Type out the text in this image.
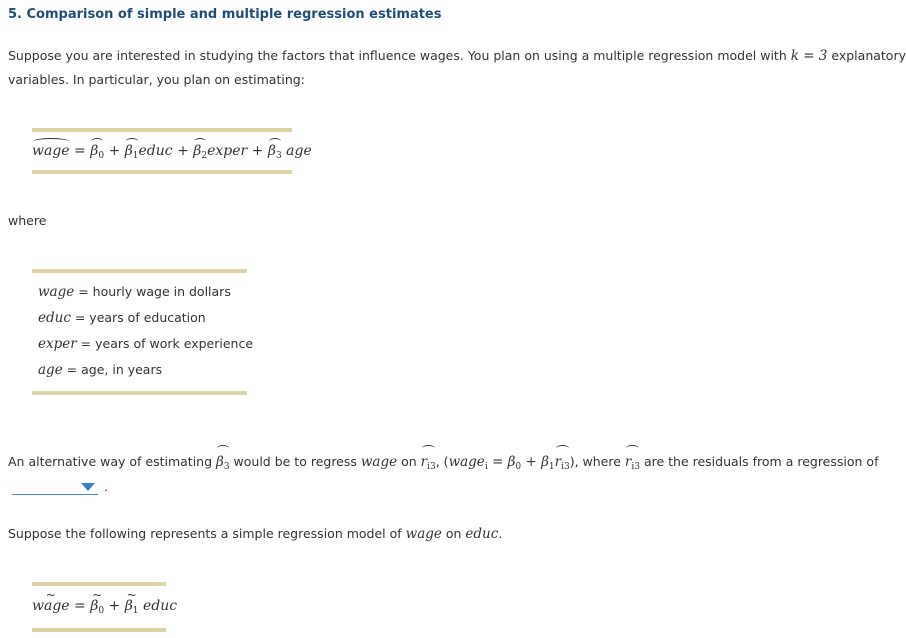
5. Comparison of simple and multiple regression estimates
Suppose you are interested in studying the factors that influence wages. You plan on using a multiple regression model with k = 3 explanatory
variables. In particular, you plan on estimating:
wage = $\beta_0$ + $\beta_1educ$ + $\beta_2exper + \beta_3$ age
where
wage = hourly wage in dollars
educ = years of education
exper = years of work experience
age = age, in years
An alternative way of estimating $\beta_3$ would be to regress wage on $r_{i3}$, (wage$_i$ = $\beta_0 + \beta_1r_{i3}$), where $r_{i3}$ are the residuals from a regression of
.
Suppose the following represents a simple regression model of wage on educ.
~ wage = ~ $\beta_0$ + ~ $\beta_1$ educ
